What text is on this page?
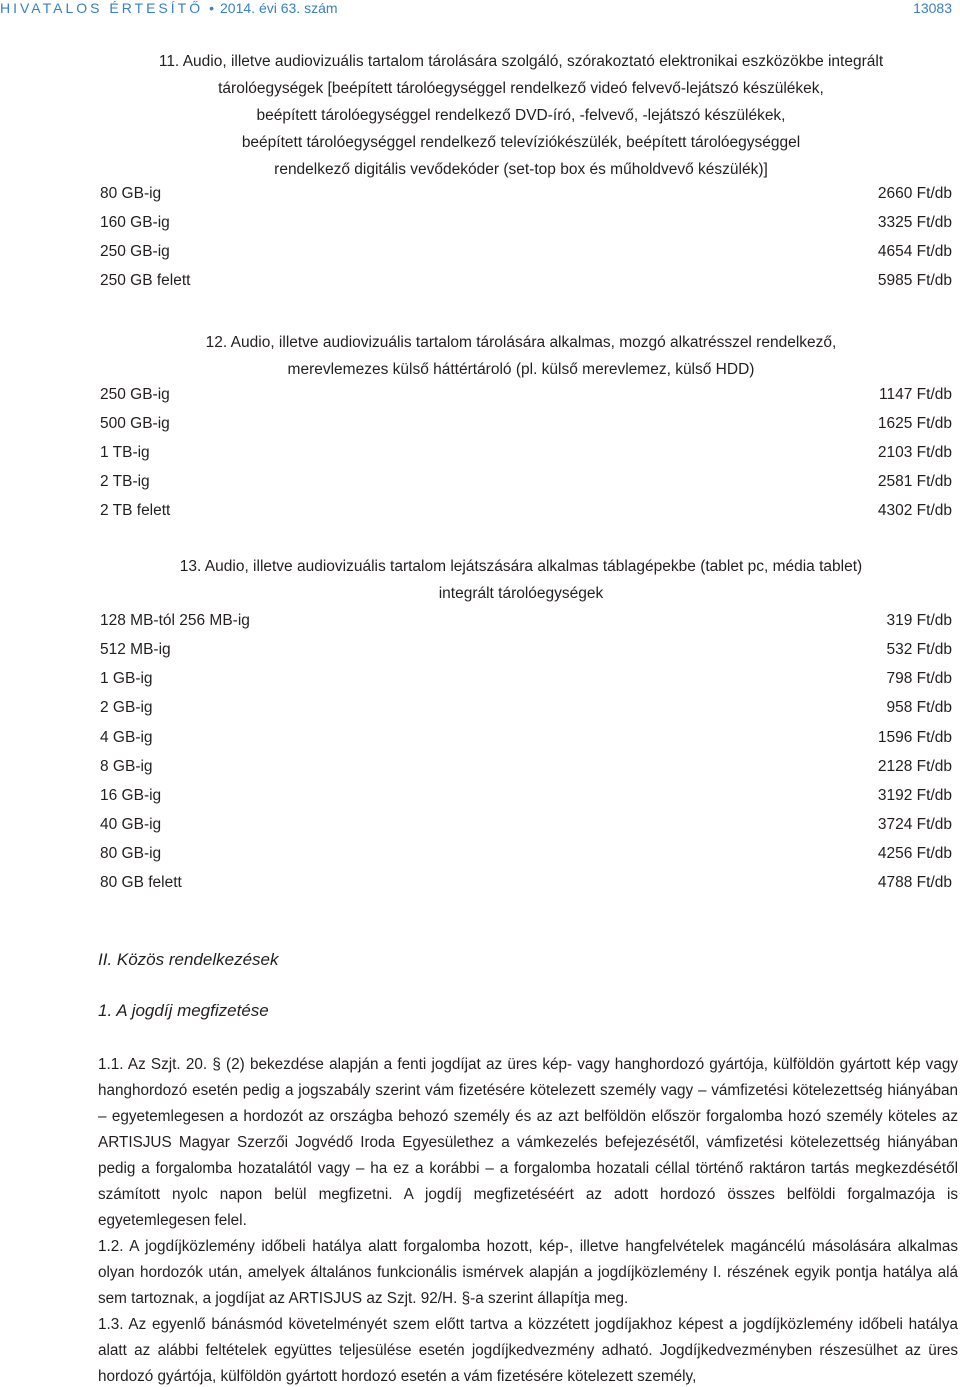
HIVATALOS ÉRTESÍTŐ • 2014. évi 63. szám	13083
11. Audio, illetve audiovizuális tartalom tárolására szolgáló, szórakoztató elektronikai eszközökbe integrált
tárolóegységek [beépített tárolóegységgel rendelkező videó felvevő-lejátszó készülékek,
beépített tárolóegységgel rendelkező DVD-író, -felvevő, -lejátszó készülékek,
beépített tárolóegységgel rendelkező televíziókészülék, beépített tárolóegységgel
rendelkező digitális vevődekóder (set-top box és műholdvevő készülék)]
80 GB-ig	2660 Ft/db
160 GB-ig	3325 Ft/db
250 GB-ig	4654 Ft/db
250 GB felett	5985 Ft/db
12. Audio, illetve audiovizuális tartalom tárolására alkalmas, mozgó alkatrésszel rendelkező,
merevlemezes külső háttértároló (pl. külső merevlemez, külső HDD)
250 GB-ig	1147 Ft/db
500 GB-ig	1625 Ft/db
1 TB-ig	2103 Ft/db
2 TB-ig	2581 Ft/db
2 TB felett	4302 Ft/db
13. Audio, illetve audiovizuális tartalom lejátszására alkalmas táblagépekbe (tablet pc, média tablet)
integrált tárolóegységek
128 MB-tól 256 MB-ig	319 Ft/db
512 MB-ig	532 Ft/db
1 GB-ig	798 Ft/db
2 GB-ig	958 Ft/db
4 GB-ig	1596 Ft/db
8 GB-ig	2128 Ft/db
16 GB-ig	3192 Ft/db
40 GB-ig	3724 Ft/db
80 GB-ig	4256 Ft/db
80 GB felett	4788 Ft/db
II. Közös rendelkezések
1. A jogdíj megfizetése
1.1. Az Szjt. 20. § (2) bekezdése alapján a fenti jogdíjat az üres kép- vagy hanghordozó gyártója, külföldön gyártott kép vagy hanghordozó esetén pedig a jogszabály szerint vám fizetésére kötelezett személy vagy – vámfizetési kötelezettség hiányában – egyetemlegesen a hordozót az országba behozó személy és az azt belföldön először forgalomba hozó személy köteles az ARTISJUS Magyar Szerzői Jogvédő Iroda Egyesülethez a vámkezelés befejezésétől, vámfizetési kötelezettség hiányában pedig a forgalomba hozatalától vagy – ha ez a korábbi – a forgalomba hozatali céllal történő raktáron tartás megkezdésétől számított nyolc napon belül megfizetni. A jogdíj megfizetéséért az adott hordozó összes belföldi forgalmazója is egyetemlegesen felel.
1.2. A jogdíjközlemény időbeli hatálya alatt forgalomba hozott, kép-, illetve hangfelvételek magáncélú másolására alkalmas olyan hordozók után, amelyek általános funkcionális ismérvek alapján a jogdíjközlemény I. részének egyik pontja hatálya alá sem tartoznak, a jogdíjat az ARTISJUS az Szjt. 92/H. §-a szerint állapítja meg.
1.3. Az egyenlő bánásmód követelményét szem előtt tartva a közzétett jogdíjakhoz képest a jogdíjközlemény időbeli hatálya alatt az alábbi feltételek együttes teljesülése esetén jogdíjkedvezmény adható. Jogdíjkedvezményben részesülhet az üres hordozó gyártója, külföldön gyártott hordozó esetén a vám fizetésére kötelezett személy,
